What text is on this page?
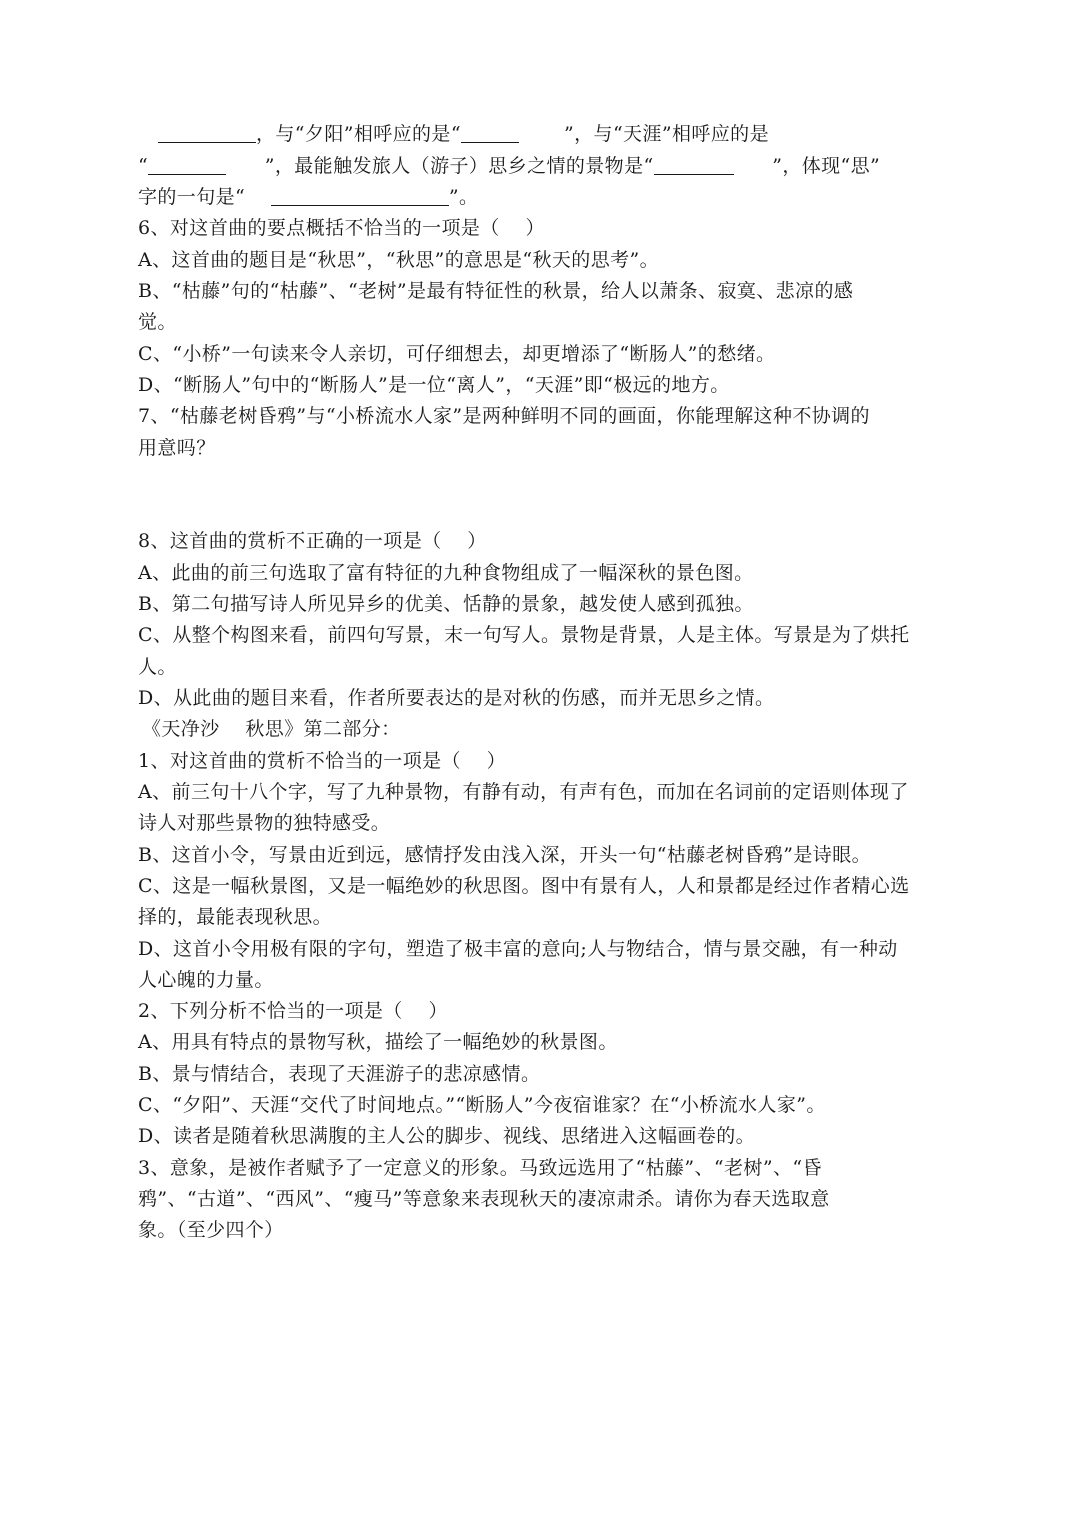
，与“夕阳”相呼应的是“	”，与“天涯”相呼应的是
“	”，最能触发旅人（游子）思乡之情的景物是“	”，体现“思”
字的一句是“	”。
6、对这首曲的要点概括不恰当的一项是（    ）
A、这首曲的题目是“秋思”，“秋思”的意思是“秋天的思考”。
B、“枯藤”句的“枯藤”、“老树”是最有特征性的秋景，给人以萧条、寂寞、悲凉的感
觉。
C、“小桥”一句读来令人亲切，可仔细想去，却更增添了“断肠人”的愁绪。
D、“断肠人”句中的“断肠人”是一位“离人”，“天涯”即“极远的地方。
7、“枯藤老树昏鸦”与“小桥流水人家”是两种鲜明不同的画面，你能理解这种不协调的
用意吗？
8、这首曲的赏析不正确的一项是（    ）
A、此曲的前三句选取了富有特征的九种食物组成了一幅深秋的景色图。
B、第二句描写诗人所见异乡的优美、恬静的景象，越发使人感到孤独。
C、从整个构图来看，前四句写景，末一句写人。景物是背景，人是主体。写景是为了烘托
人。
D、从此曲的题目来看，作者所要表达的是对秋的伤感，而并无思乡之情。
《天净沙    秋思》第二部分：
1、对这首曲的赏析不恰当的一项是（    ）
A、前三句十八个字，写了九种景物，有静有动，有声有色，而加在名词前的定语则体现了
诗人对那些景物的独特感受。
B、这首小令，写景由近到远，感情抒发由浅入深，开头一句“枯藤老树昏鸦”是诗眼。
C、这是一幅秋景图，又是一幅绝妙的秋思图。图中有景有人，人和景都是经过作者精心选
择的，最能表现秋思。
D、这首小令用极有限的字句，塑造了极丰富的意向;人与物结合，情与景交融，有一种动
人心魄的力量。
2、下列分析不恰当的一项是（    ）
A、用具有特点的景物写秋，描绘了一幅绝妙的秋景图。
B、景与情结合，表现了天涯游子的悲凉感情。
C、“夕阳”、天涯“交代了时间地点。”“断肠人”今夜宿谁家？在“小桥流水人家”。
D、读者是随着秋思满腹的主人公的脚步、视线、思绪进入这幅画卷的。
3、意象，是被作者赋予了一定意义的形象。马致远选用了“枯藤”、“老树”、“昏
鸦”、“古道”、“西风”、“瘦马”等意象来表现秋天的凄凉肃杀。请你为春天选取意
象。（至少四个）
